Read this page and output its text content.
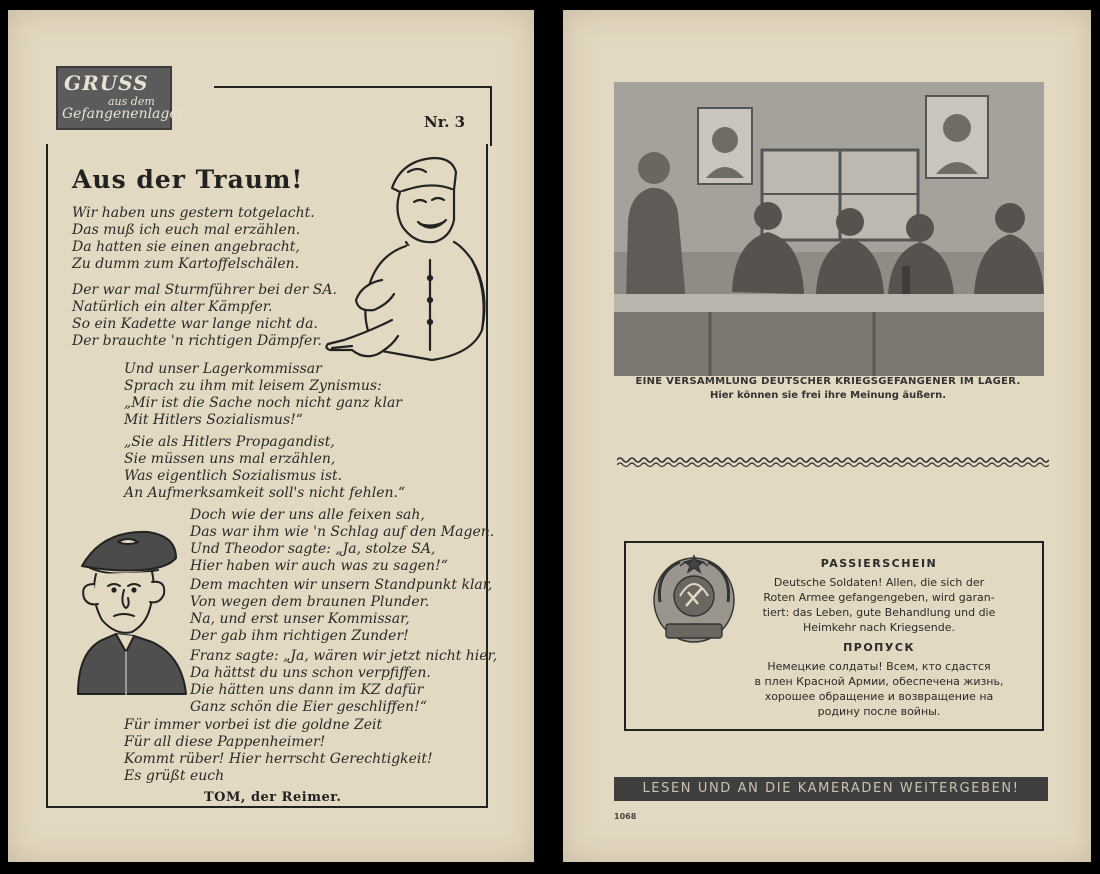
GRUSS
aus dem
Gefangenenlager	Nr. 3
Aus der Traum!
Wir haben uns gestern totgelacht.
Das muß ich euch mal erzählen.
Da hatten sie einen angebracht,
Zu dumm zum Kartoffelschälen.
Der war mal Sturmführer bei der SA.
Natürlich ein alter Kämpfer.
So ein Kadette war lange nicht da.
Der brauchte 'n richtigen Dämpfer.
Und unser Lagerkommissar
Sprach zu ihm mit leisem Zynismus:
„Mir ist die Sache noch nicht ganz klar
Mit Hitlers Sozialismus!“
„Sie als Hitlers Propagandist,
Sie müssen uns mal erzählen,
Was eigentlich Sozialismus ist.
An Aufmerksamkeit soll's nicht fehlen.“
Doch wie der uns alle feixen sah,
Das war ihm wie 'n Schlag auf den Magen.
Und Theodor sagte: „Ja, stolze SA,
Hier haben wir auch was zu sagen!“
Dem machten wir unsern Standpunkt klar,
Von wegen dem braunen Plunder.
Na, und erst unser Kommissar,
Der gab ihm richtigen Zunder!
Franz sagte: „Ja, wären wir jetzt nicht hier,
Da hättst du uns schon verpfiffen.
Die hätten uns dann im KZ dafür
Ganz schön die Eier geschliffen!“
Für immer vorbei ist die goldne Zeit
Für all diese Pappenheimer!
Kommt rüber! Hier herrscht Gerechtigkeit!
Es grüßt euch
TOM, der Reimer.
EINE VERSAMMLUNG DEUTSCHER KRIEGSGEFANGENER IM LAGER.
Hier können sie frei ihre Meinung äußern.
PASSIERSCHEIN
Deutsche Soldaten! Allen, die sich der
Roten Armee gefangengeben, wird garan-
tiert: das Leben, gute Behandlung und die
Heimkehr nach Kriegsende.
ПРОПУСК
Немецкие солдаты! Всем, кто сдастся
в плен Красной Армии, обеспечена жизнь,
хорошее обращение и возвращение на
родину после войны.
LESEN UND AN DIE KAMERADEN WEITERGEBEN!
1068
